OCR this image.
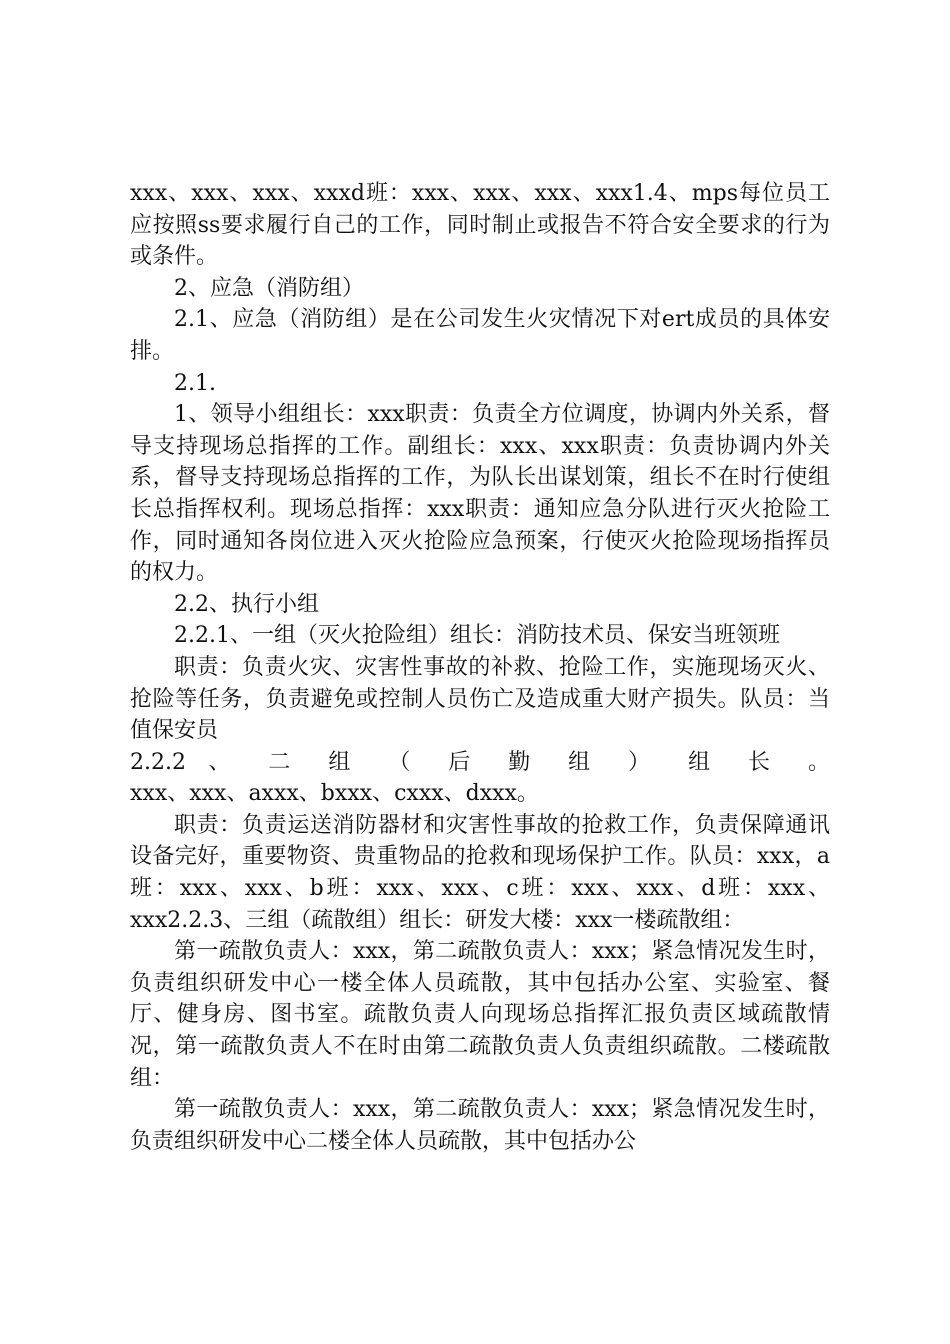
xxx、xxx、xxx、xxxd班：xxx、xxx、xxx、xxx1.4、mps每位员工应按照ss要求履行自己的工作，同时制止或报告不符合安全要求的行为或条件。

2、应急（消防组）

2.1、应急（消防组）是在公司发生火灾情况下对ert成员的具体安排。

2.1.

1、领导小组组长：xxx职责：负责全方位调度，协调内外关系，督导支持现场总指挥的工作。副组长：xxx、xxx职责：负责协调内外关系，督导支持现场总指挥的工作，为队长出谋划策，组长不在时行使组长总指挥权利。现场总指挥：xxx职责：通知应急分队进行灭火抢险工作，同时通知各岗位进入灭火抢险应急预案，行使灭火抢险现场指挥员的权力。

2.2、执行小组

2.2.1、一组（灭火抢险组）组长：消防技术员、保安当班领班

职责：负责火灾、灾害性事故的补救、抢险工作，实施现场灭火、抢险等任务，负责避免或控制人员伤亡及造成重大财产损失。队员：当值保安员

2.2.2 、 二 组 （ 后 勤 组 ） 组 长 。

xxx、xxx、axxx、bxxx、cxxx、dxxx。

职责：负责运送消防器材和灾害性事故的抢救工作，负责保障通讯设备完好，重要物资、贵重物品的抢救和现场保护工作。队员：xxx，a班：xxx、xxx、b班：xxx、xxx、c班：xxx、xxx、d班：xxx、xxx2.2.3、三组（疏散组）组长：研发大楼：xxx一楼疏散组：

第一疏散负责人：xxx，第二疏散负责人：xxx；紧急情况发生时，负责组织研发中心一楼全体人员疏散，其中包括办公室、实验室、餐厅、健身房、图书室。疏散负责人向现场总指挥汇报负责区域疏散情况，第一疏散负责人不在时由第二疏散负责人负责组织疏散。二楼疏散组：

第一疏散负责人：xxx，第二疏散负责人：xxx；紧急情况发生时，负责组织研发中心二楼全体人员疏散，其中包括办公
